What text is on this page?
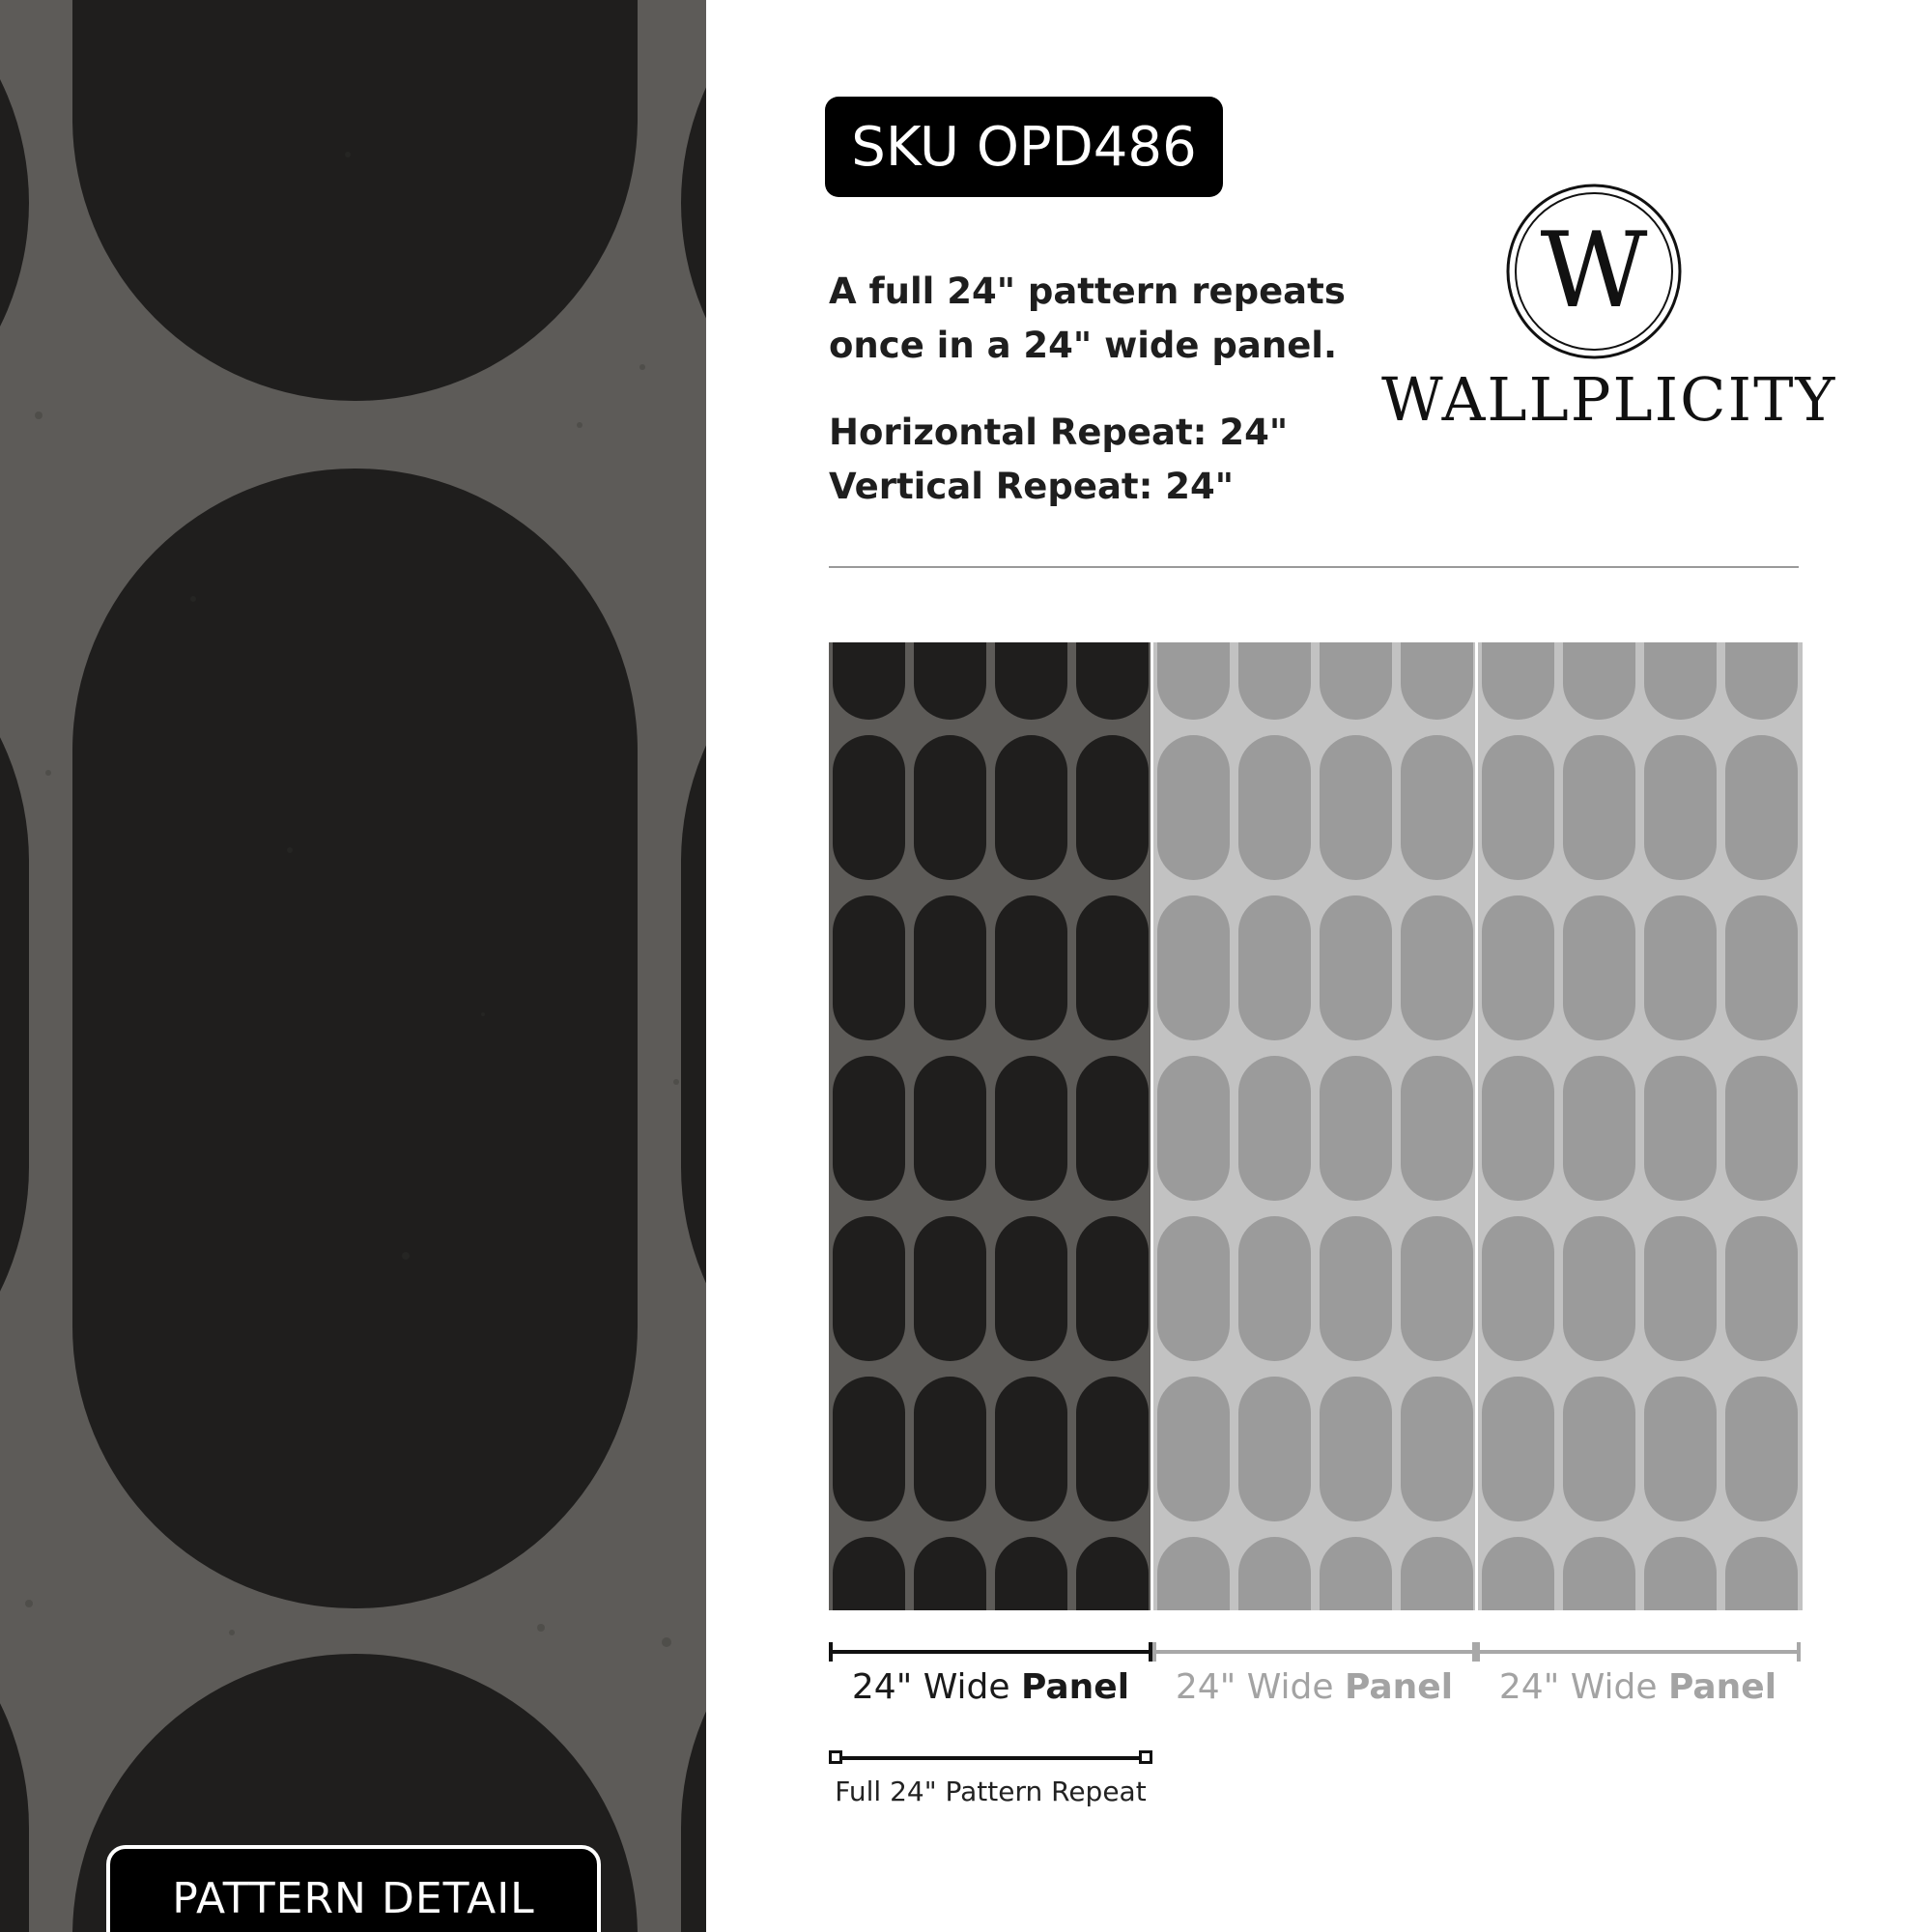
PATTERN DETAIL
SKU OPD486
A full 24" pattern repeats
once in a 24" wide panel.
Horizontal Repeat: 24"
Vertical Repeat: 24"
W
WALLPLICITY
24" Wide Panel	24" Wide Panel	24" Wide Panel
Full 24" Pattern Repeat
